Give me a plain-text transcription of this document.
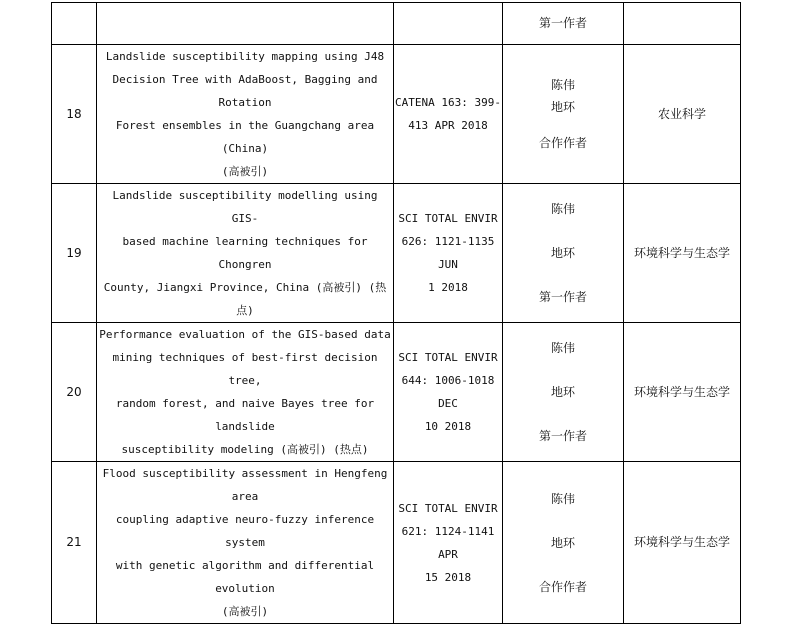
			第一作者	
18	Landslide susceptibility mapping using J48
Decision Tree with AdaBoost, Bagging and Rotation
Forest ensembles in the Guangchang area (China)
(高被引)	CATENA 163: 399-
413 APR 2018	陈伟
地环
合作作者	农业科学
19	Landslide susceptibility modelling using GIS-
based machine learning techniques for Chongren
County, Jiangxi Province, China (高被引) (热点)	SCI TOTAL ENVIR
626: 1121-1135 JUN
1 2018	陈伟
地环
第一作者	环境科学与生态学
20	Performance evaluation of the GIS-based data
mining techniques of best-first decision tree,
random forest, and naive Bayes tree for landslide
susceptibility modeling (高被引) (热点)	SCI TOTAL ENVIR
644: 1006-1018 DEC
10 2018	陈伟
地环
第一作者	环境科学与生态学
21	Flood susceptibility assessment in Hengfeng area
coupling adaptive neuro-fuzzy inference system
with genetic algorithm and differential evolution
(高被引)	SCI TOTAL ENVIR
621: 1124-1141 APR
15 2018	陈伟
地环
合作作者	环境科学与生态学
